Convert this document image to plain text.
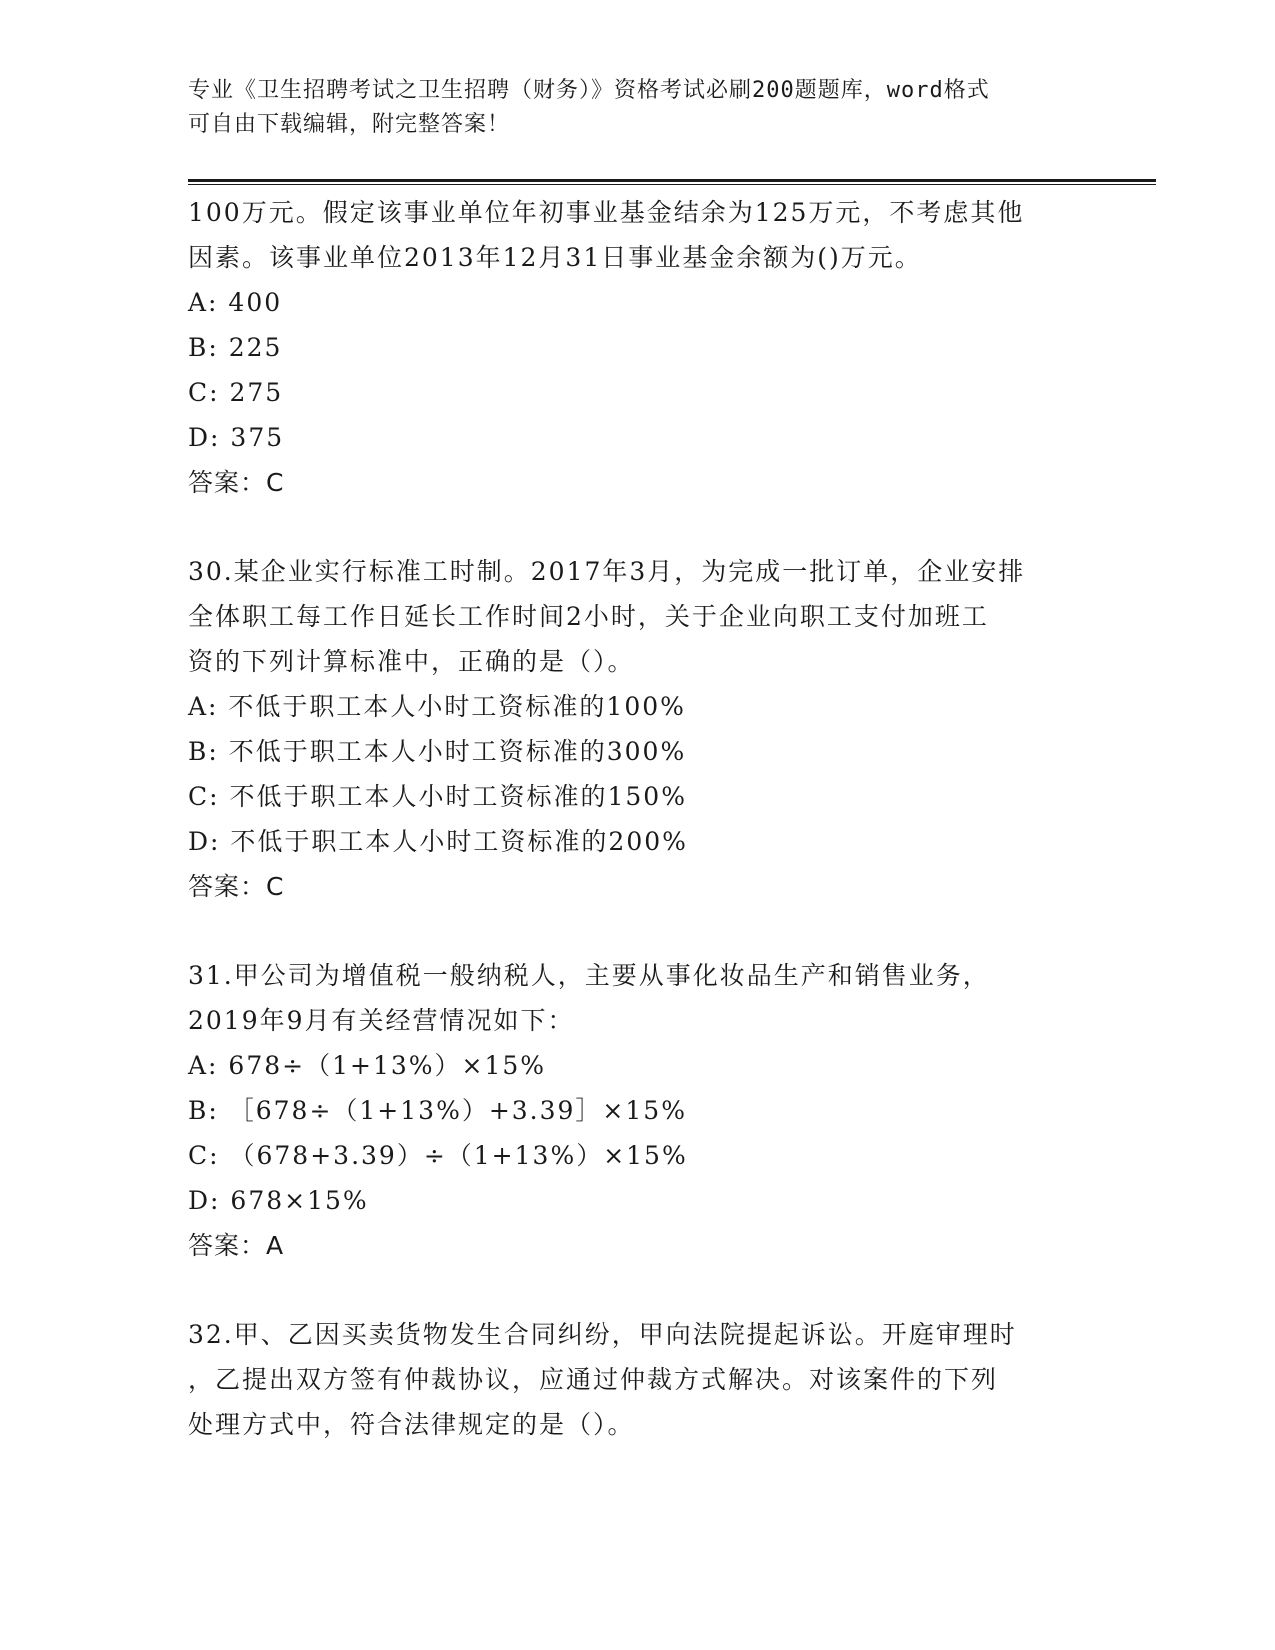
专业《卫生招聘考试之卫生招聘（财务）》资格考试必刷200题题库，word格式
可自由下载编辑，附完整答案！
100万元。假定该事业单位年初事业基金结余为125万元，不考虑其他
因素。该事业单位2013年12月31日事业基金余额为()万元。
A: 400
B: 225
C: 275
D: 375
答案：C
30.某企业实行标准工时制。2017年3月，为完成一批订单，企业安排
全体职工每工作日延长工作时间2小时，关于企业向职工支付加班工
资的下列计算标准中，正确的是（）。
A: 不低于职工本人小时工资标准的100%
B: 不低于职工本人小时工资标准的300%
C: 不低于职工本人小时工资标准的150%
D: 不低于职工本人小时工资标准的200%
答案：C
31.甲公司为增值税一般纳税人，主要从事化妆品生产和销售业务，
2019年9月有关经营情况如下：
A: 678÷（1+13%）×15%
B: ［678÷（1+13%）+3.39］×15%
C: （678+3.39）÷（1+13%）×15%
D: 678×15%
答案：A
32.甲、乙因买卖货物发生合同纠纷，甲向法院提起诉讼。开庭审理时
，乙提出双方签有仲裁协议，应通过仲裁方式解决。对该案件的下列
处理方式中，符合法律规定的是（）。
